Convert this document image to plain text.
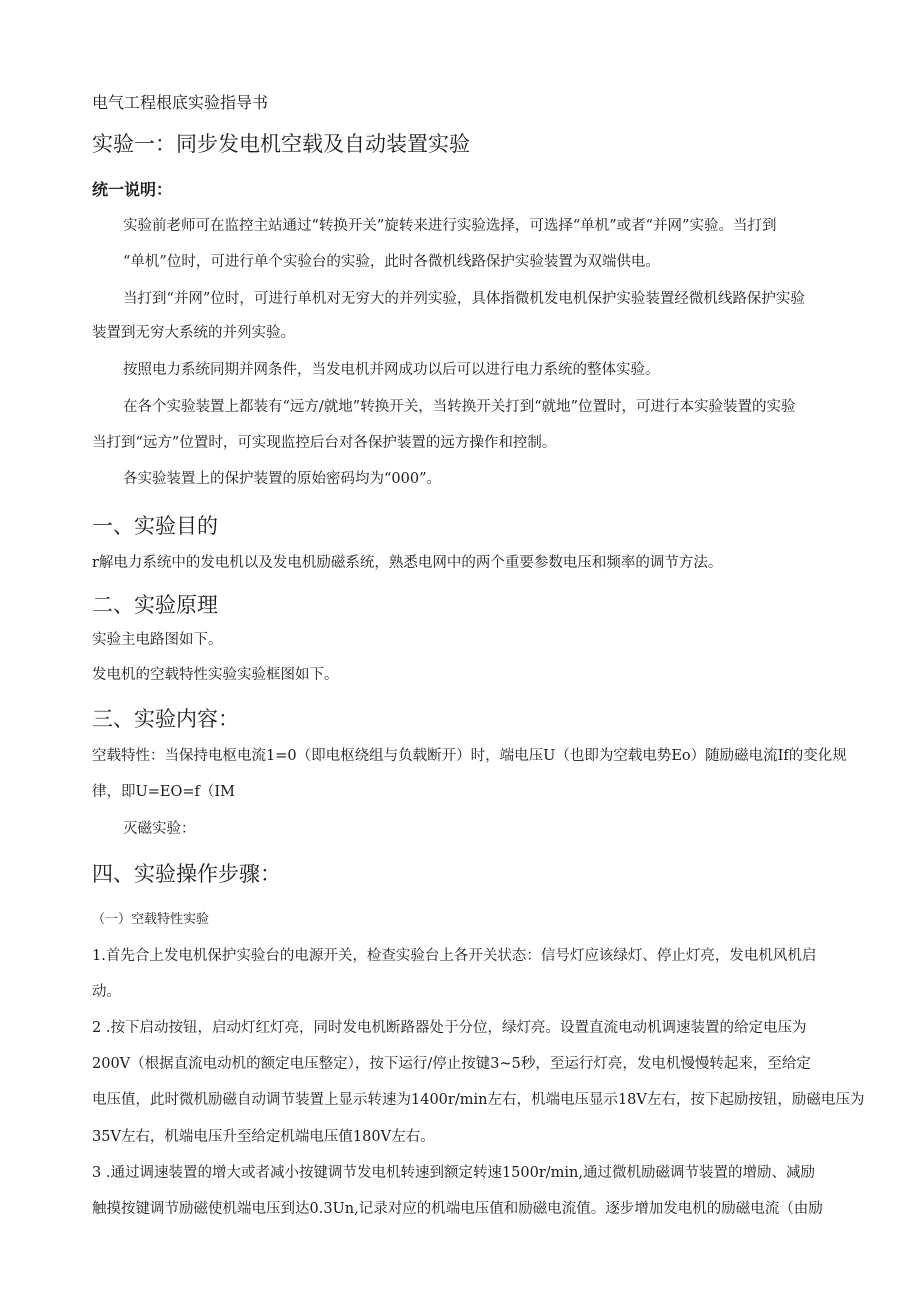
电气工程根底实验指导书
实验一：同步发电机空载及自动装置实验
统一说明：
实验前老师可在监控主站通过“转换开关”旋转来进行实验选择，可选择“单机”或者“并网”实验。当打到
“单机”位时，可进行单个实验台的实验，此时各微机线路保护实验装置为双端供电。
当打到“并网”位时，可进行单机对无穷大的并列实验，具体指微机发电机保护实验装置经微机线路保护实验
装置到无穷大系统的并列实验。
按照电力系统同期并网条件，当发电机并网成功以后可以进行电力系统的整体实验。
在各个实验装置上都装有“远方/就地”转换开关，当转换开关打到“就地”位置时，可进行本实验装置的实验
当打到“远方”位置时，可实现监控后台对各保护装置的远方操作和控制。
各实验装置上的保护装置的原始密码均为“000”。
一、实验目的
r解电力系统中的发电机以及发电机励磁系统，熟悉电网中的两个重要参数电压和频率的调节方法。
二、实验原理
实验主电路图如下。
发电机的空载特性实验实验框图如下。
三、实验内容：
空载特性：当保持电枢电流1=0（即电枢绕组与负载断开）时，端电压U（也即为空载电势Eo）随励磁电流If的变化规
律，即U=EO=f（IM
灭磁实验：
四、实验操作步骤：
（一）空载特性实验
1.首先合上发电机保护实验台的电源开关，检查实验台上各开关状态：信号灯应该绿灯、停止灯亮，发电机风机启
动。
2 .按下启动按钮，启动灯红灯亮，同时发电机断路器处于分位，绿灯亮。设置直流电动机调速装置的给定电压为
200V（根据直流电动机的额定电压整定），按下运行/停止按键3~5秒，至运行灯亮，发电机慢慢转起来，至给定
电压值，此时微机励磁自动调节装置上显示转速为1400r/min左右，机端电压显示18V左右，按下起励按钮，励磁电压为
35V左右，机端电压升至给定机端电压值180V左右。
3 .通过调速装置的增大或者减小按键调节发电机转速到额定转速1500r/min,通过微机励磁调节装置的增励、减励
触摸按键调节励磁使机端电压到达0.3Un,记录对应的机端电压值和励磁电流值。逐步增加发电机的励磁电流（由励
